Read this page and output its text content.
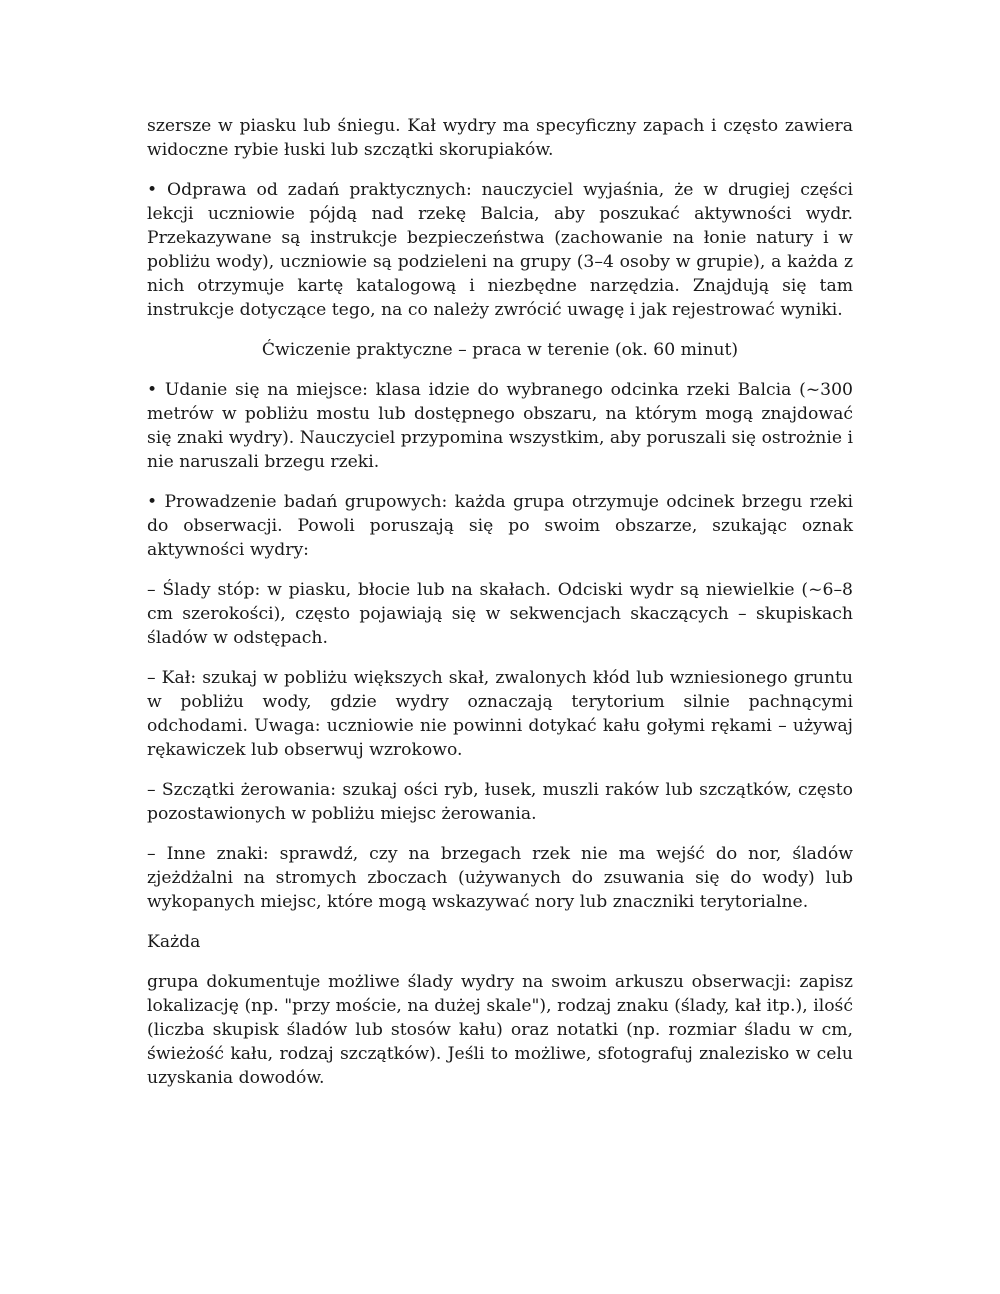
szersze w piasku lub śniegu. Kał wydry ma specyficzny zapach i często zawiera widoczne rybie łuski lub szczątki skorupiaków.

• Odprawa od zadań praktycznych: nauczyciel wyjaśnia, że w drugiej części lekcji uczniowie pójdą nad rzekę Balcia, aby poszukać aktywności wydr. Przekazywane są instrukcje bezpieczeństwa (zachowanie na łonie natury i w pobliżu wody), uczniowie są podzieleni na grupy (3–4 osoby w grupie), a każda z nich otrzymuje kartę katalogową i niezbędne narzędzia. Znajdują się tam instrukcje dotyczące tego, na co należy zwrócić uwagę i jak rejestrować wyniki.

Ćwiczenie praktyczne – praca w terenie (ok. 60 minut)

• Udanie się na miejsce: klasa idzie do wybranego odcinka rzeki Balcia (~300 metrów w pobliżu mostu lub dostępnego obszaru, na którym mogą znajdować się znaki wydry). Nauczyciel przypomina wszystkim, aby poruszali się ostrożnie i nie naruszali brzegu rzeki.

• Prowadzenie badań grupowych: każda grupa otrzymuje odcinek brzegu rzeki do obserwacji. Powoli poruszają się po swoim obszarze, szukając oznak aktywności wydry:

– Ślady stóp: w piasku, błocie lub na skałach. Odciski wydr są niewielkie (~6–8 cm szerokości), często pojawiają się w sekwencjach skaczących – skupiskach śladów w odstępach.

– Kał: szukaj w pobliżu większych skał, zwalonych kłód lub wzniesionego gruntu w pobliżu wody, gdzie wydry oznaczają terytorium silnie pachnącymi odchodami. Uwaga: uczniowie nie powinni dotykać kału gołymi rękami – używaj rękawiczek lub obserwuj wzrokowo.

– Szczątki żerowania: szukaj ości ryb, łusek, muszli raków lub szczątków, często pozostawionych w pobliżu miejsc żerowania.

– Inne znaki: sprawdź, czy na brzegach rzek nie ma wejść do nor, śladów zjeżdżalni na stromych zboczach (używanych do zsuwania się do wody) lub wykopanych miejsc, które mogą wskazywać nory lub znaczniki terytorialne.

Każda

grupa dokumentuje możliwe ślady wydry na swoim arkuszu obserwacji: zapisz lokalizację (np. "przy moście, na dużej skale"), rodzaj znaku (ślady, kał itp.), ilość (liczba skupisk śladów lub stosów kału) oraz notatki (np. rozmiar śladu w cm, świeżość kału, rodzaj szczątków). Jeśli to możliwe, sfotografuj znalezisko w celu uzyskania dowodów.
